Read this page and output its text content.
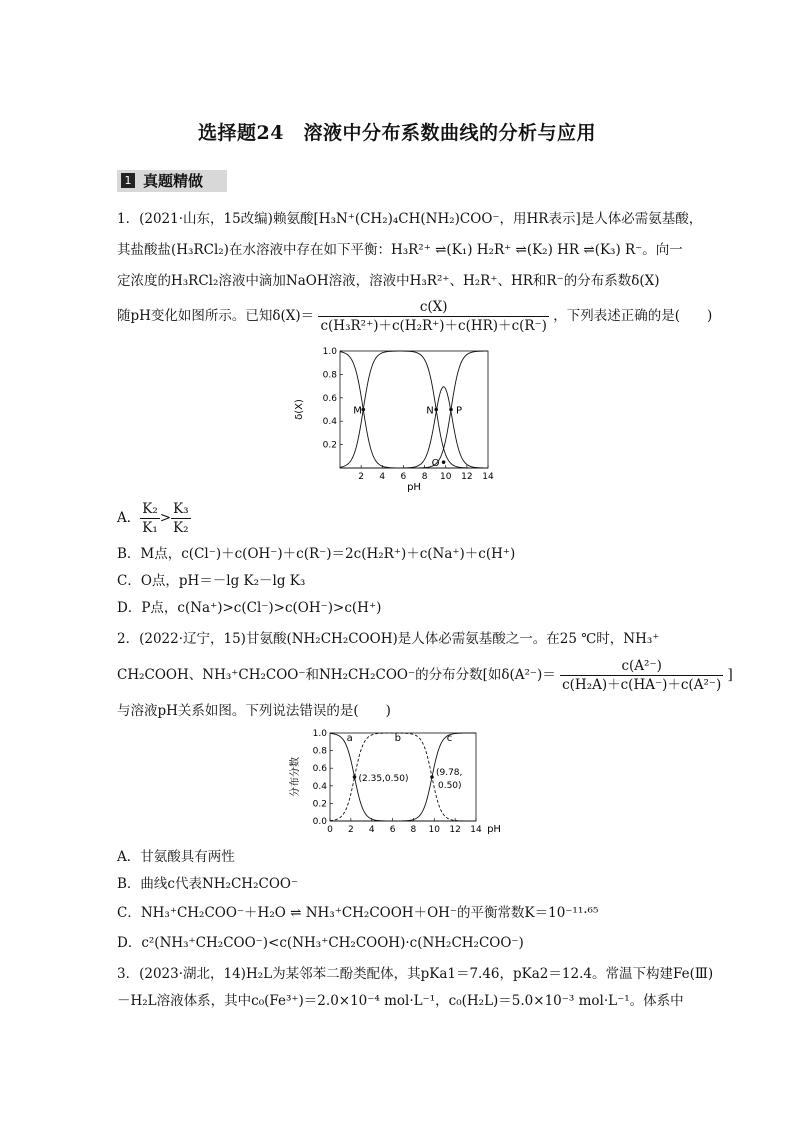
选择题24　溶液中分布系数曲线的分析与应用
1 真题精做
1．(2021·山东，15改编)赖氨酸[H₃N⁺(CH₂)₄CH(NH₂)COO⁻，用HR表示]是人体必需氨基酸，
其盐酸盐(H₃RCl₂)在水溶液中存在如下平衡：H₃R²⁺ ⇌(K₁) H₂R⁺ ⇌(K₂) HR ⇌(K₃) R⁻。向一
定浓度的H₃RCl₂溶液中滴加NaOH溶液，溶液中H₃R²⁺、H₂R⁺、HR和R⁻的分布系数δ(X)
随pH变化如图所示。已知$\delta(X)= \frac{c(X)}{\text{c(H₃R²⁺)＋c(H₂R⁺)＋c(HR)＋c(R⁻)}}$ ，下列表述正确的是(　　)
2 4 6 8 10 12 14
0.2
0.4
0.6
0.8
1.0
pH
δ(X)	M	N
O
P
A． $\frac{\text{K₂}}{\text{K₁}} > \frac{\text{K₃}}{\text{K₂}}$
B．M点，c(Cl⁻)＋c(OH⁻)＋c(R⁻)＝2c(H₂R⁺)＋c(Na⁺)＋c(H⁺)
C．O点，pH＝－lg K₂－lg K₃
D．P点，c(Na⁺)>c(Cl⁻)>c(OH⁻)>c(H⁺)
2．(2022·辽宁，15)甘氨酸(NH₂CH₂COOH)是人体必需氨基酸之一。在25 ℃时，NH₃⁺
CH₂COOH、NH₃⁺CH₂COO⁻和NH₂CH₂COO⁻的分布分数[如$\delta(A^{2-})= \frac{\text{c(A²⁻)}}{\text{c(H₂A)＋c(HA⁻)＋c(A²⁻)}}$ ]
与溶液pH关系如图。下列说法错误的是(　　)
0 2 4 6 8 10 12 14
0.0
0.2
0.4
0.6
0.8
1.0
pH
分布分数
a	b	c
(2.35,0.50)
(9.78,
0.50)
A．甘氨酸具有两性
B．曲线c代表NH₂CH₂COO⁻
C．NH₃⁺CH₂COO⁻＋H₂O ⇌ NH₃⁺CH₂COOH＋OH⁻的平衡常数K＝10⁻¹¹·⁶⁵
D．c²(NH₃⁺CH₂COO⁻)<c(NH₃⁺CH₂COOH)·c(NH₂CH₂COO⁻)
3．(2023·湖北，14)H₂L为某邻苯二酚类配体，其pKa1＝7.46，pKa2＝12.4。常温下构建Fe(Ⅲ)
－H₂L溶液体系，其中c₀(Fe³⁺)＝2.0×10⁻⁴ mol·L⁻¹，c₀(H₂L)＝5.0×10⁻³ mol·L⁻¹。体系中
